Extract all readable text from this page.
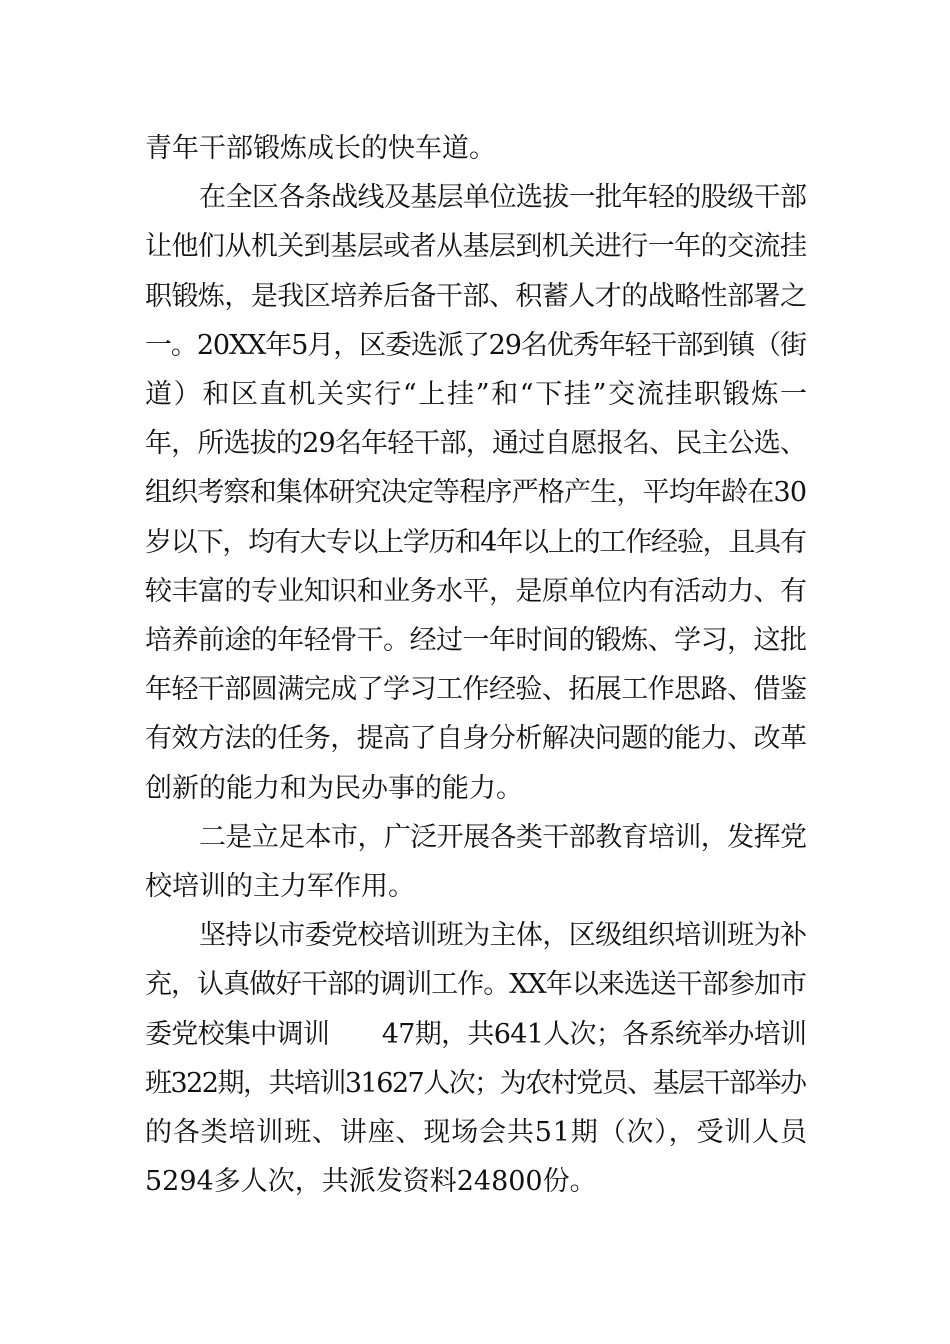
青年干部锻炼成长的快车道。

在全区各条战线及基层单位选拔一批年轻的股级干部
让他们从机关到基层或者从基层到机关进行一年的交流挂
职锻炼，是我区培养后备干部、积蓄人才的战略性部署之
一。20XX年5月，区委选派了29名优秀年轻干部到镇（街
道）和区直机关实行“上挂”和“下挂”交流挂职锻炼一
年，所选拔的29名年轻干部，通过自愿报名、民主公选、
组织考察和集体研究决定等程序严格产生，平均年龄在30
岁以下，均有大专以上学历和4年以上的工作经验，且具有
较丰富的专业知识和业务水平，是原单位内有活动力、有
培养前途的年轻骨干。经过一年时间的锻炼、学习，这批
年轻干部圆满完成了学习工作经验、拓展工作思路、借鉴
有效方法的任务，提高了自身分析解决问题的能力、改革
创新的能力和为民办事的能力。

二是立足本市，广泛开展各类干部教育培训，发挥党
校培训的主力军作用。

坚持以市委党校培训班为主体，区级组织培训班为补
充，认真做好干部的调训工作。XX年以来选送干部参加市
委党校集中调训　　47期，共641人次；各系统举办培训
班322期，共培训31627人次；为农村党员、基层干部举办
的各类培训班、讲座、现场会共51期（次），受训人员
5294多人次，共派发资料24800份。
